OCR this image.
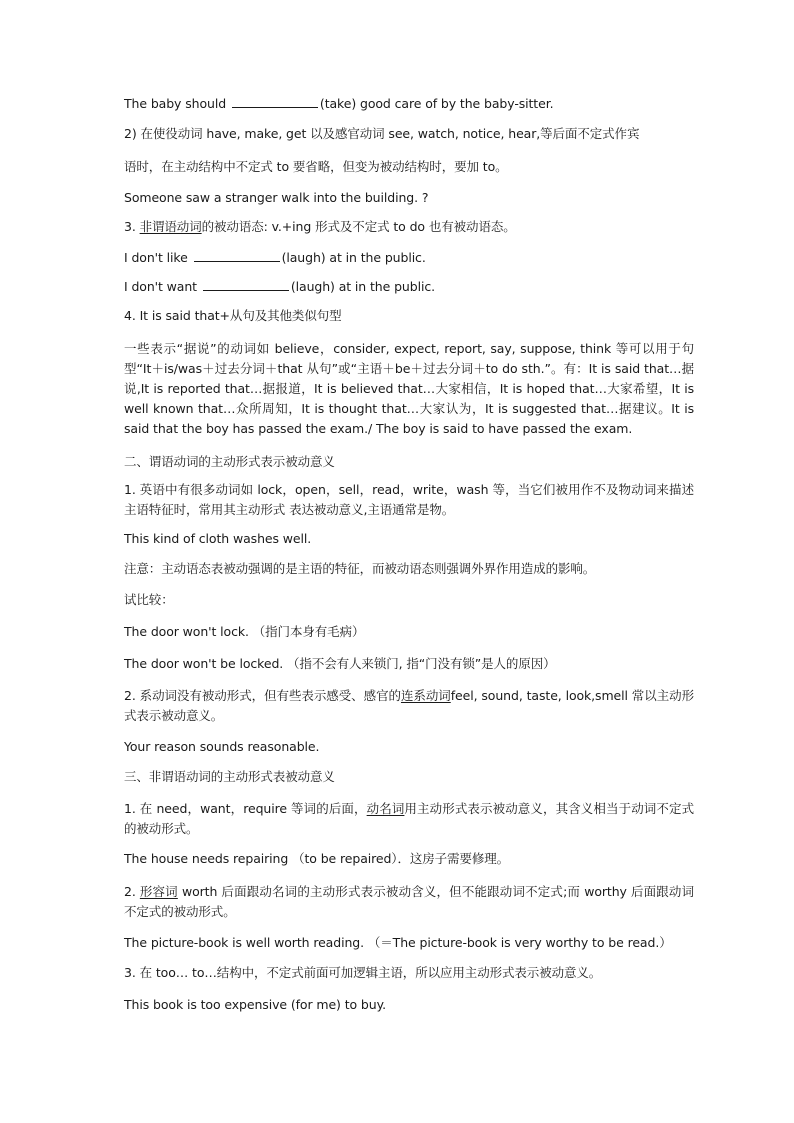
The baby should	(take) good care of by the baby-sitter.

2) 在使役动词 have, make, get 以及感官动词 see, watch, notice, hear,等后面不定式作宾

语时，在主动结构中不定式 to 要省略，但变为被动结构时，要加 to。

Someone saw a stranger walk into the building. ?

3. 非谓语动词的被动语态: v.+ing 形式及不定式 to do 也有被动语态。

I don't like	(laugh) at in the public.

I don't want	(laugh) at in the public.

4. It is said that+从句及其他类似句型

一些表示“据说”的动词如 believe，consider, expect, report, say, suppose, think 等可以用于句型“It＋is/was＋过去分词＋that 从句”或“主语＋be＋过去分词＋to do sth.”。有：It is said that…据说,It is reported that…据报道，It is believed that…大家相信，It is hoped that…大家希望，It is well known that…众所周知，It is thought that…大家认为，It is suggested that…据建议。It is said that the boy has passed the exam./ The boy is said to have passed the exam.

二、谓语动词的主动形式表示被动意义

1. 英语中有很多动词如 lock，open，sell，read，write，wash 等，当它们被用作不及物动词来描述主语特征时，常用其主动形式 表达被动意义,主语通常是物。

This kind of cloth washes well.

注意：主动语态表被动强调的是主语的特征，而被动语态则强调外界作用造成的影响。

试比较：

The door won't lock. （指门本身有毛病）

The door won't be locked. （指不会有人来锁门, 指“门没有锁”是人的原因）

2. 系动词没有被动形式，但有些表示感受、感官的连系动词feel, sound, taste, look,smell 常以主动形式表示被动意义。

Your reason sounds reasonable.

三、非谓语动词的主动形式表被动意义

1. 在 need，want，require 等词的后面，动名词用主动形式表示被动意义，其含义相当于动词不定式的被动形式。

The house needs repairing （to be repaired）．这房子需要修理。

2. 形容词 worth 后面跟动名词的主动形式表示被动含义，但不能跟动词不定式;而 worthy 后面跟动词不定式的被动形式。

The picture-book is well worth reading. （＝The picture-book is very worthy to be read.）

3. 在 too… to…结构中，不定式前面可加逻辑主语，所以应用主动形式表示被动意义。

This book is too expensive (for me) to buy.
